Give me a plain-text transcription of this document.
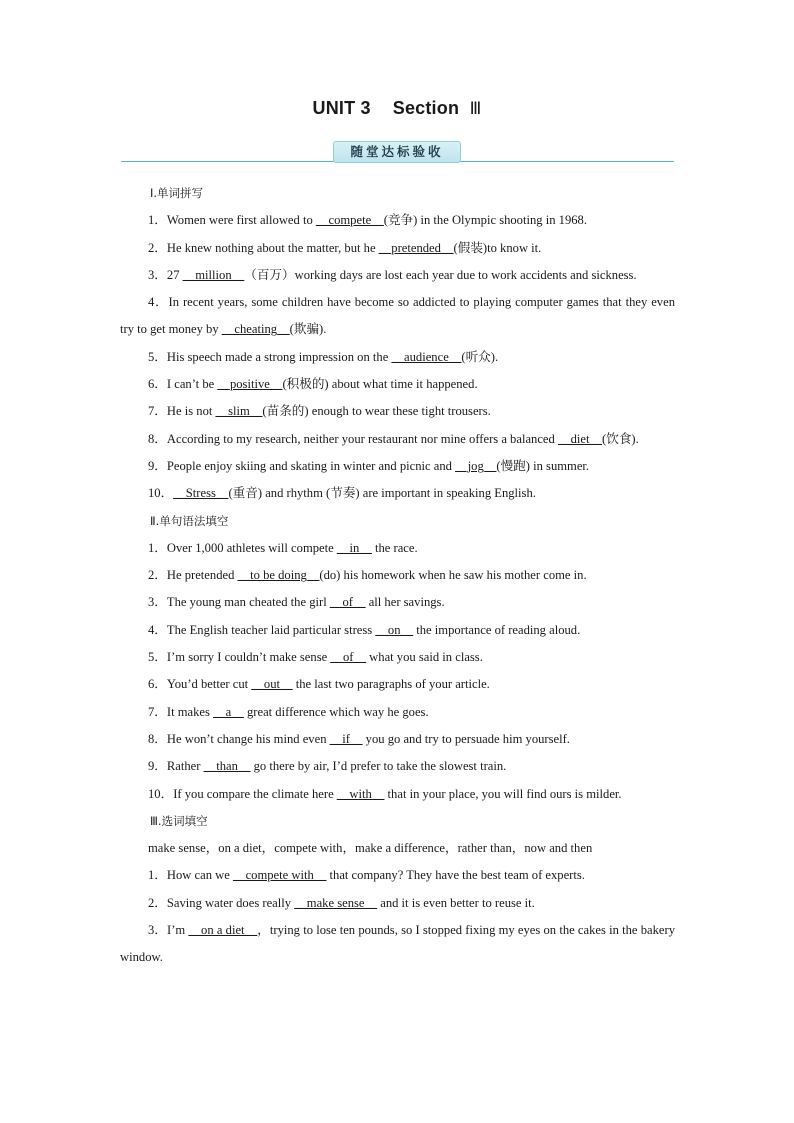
UNIT 3 Section Ⅲ
随堂达标验收
Ⅰ.单词拼写
1．Women were first allowed to __compete__(竞争) in the Olympic shooting in 1968.
2．He knew nothing about the matter, but he __pretended__(假装)to know it.
3．27 __million__（百万）working days are lost each year due to work accidents and sickness.
4．In recent years, some children have become so addicted to playing computer games that they even try to get money by __cheating__(欺骗).
5．His speech made a strong impression on the __audience__(听众).
6．I can’t be __positive__(积极的) about what time it happened.
7．He is not __slim__(苗条的) enough to wear these tight trousers.
8．According to my research, neither your restaurant nor mine offers a balanced __diet__(饮食).
9．People enjoy skiing and skating in winter and picnic and __jog__(慢跑) in summer.
10．__Stress__(重音) and rhythm (节奏) are important in speaking English.
Ⅱ.单句语法填空
1．Over 1,000 athletes will compete __in__ the race.
2．He pretended __to be doing__(do) his homework when he saw his mother come in.
3．The young man cheated the girl __of__ all her savings.
4．The English teacher laid particular stress __on__ the importance of reading aloud.
5．I’m sorry I couldn’t make sense __of__ what you said in class.
6．You’d better cut __out__ the last two paragraphs of your article.
7．It makes __a__ great difference which way he goes.
8．He won’t change his mind even __if__ you go and try to persuade him yourself.
9．Rather __than__ go there by air, I’d prefer to take the slowest train.
10．If you compare the climate here __with__ that in your place, you will find ours is milder.
Ⅲ.选词填空
make sense，on a diet，compete with，make a difference，rather than，now and then
1．How can we __compete with__ that company? They have the best team of experts.
2．Saving water does really __make sense__ and it is even better to reuse it.
3．I’m __on a diet__，trying to lose ten pounds, so I stopped fixing my eyes on the cakes in the bakery window.
